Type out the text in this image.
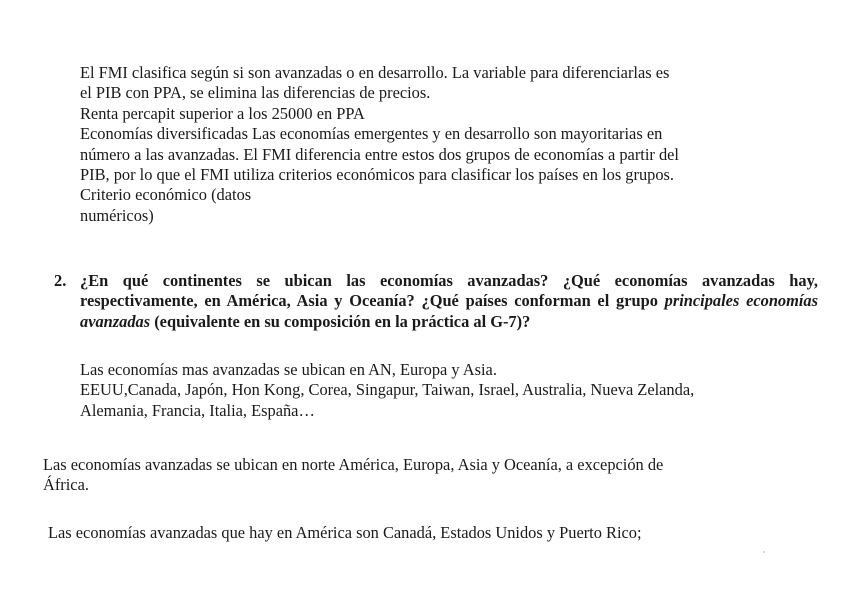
El FMI clasifica según si son avanzadas o en desarrollo. La variable para diferenciarlas es

el PIB con PPA, se elimina las diferencias de precios.

Renta percapit superior a los 25000 en PPA

Economías diversificadas Las economías emergentes y en desarrollo son mayoritarias en

número a las avanzadas. El FMI diferencia entre estos dos grupos de economías a partir del

PIB, por lo que el FMI utiliza criterios económicos para clasificar los países en los grupos.

Criterio económico (datos

numéricos)

2. ¿En qué continentes se ubican las economías avanzadas? ¿Qué economías avanzadas hay, respectivamente, en América, Asia y Oceanía? ¿Qué países conforman el grupo principales economías avanzadas (equivalente en su composición en la práctica al G-7)?

Las economías mas avanzadas se ubican en AN, Europa y Asia.

EEUU,Canada, Japón, Hon Kong, Corea, Singapur, Taiwan, Israel, Australia, Nueva Zelanda,

Alemania, Francia, Italia, España…

Las economías avanzadas se ubican en norte América, Europa, Asia y Oceanía, a excepción de

África.

Las economías avanzadas que hay en América son Canadá, Estados Unidos y Puerto Rico;
